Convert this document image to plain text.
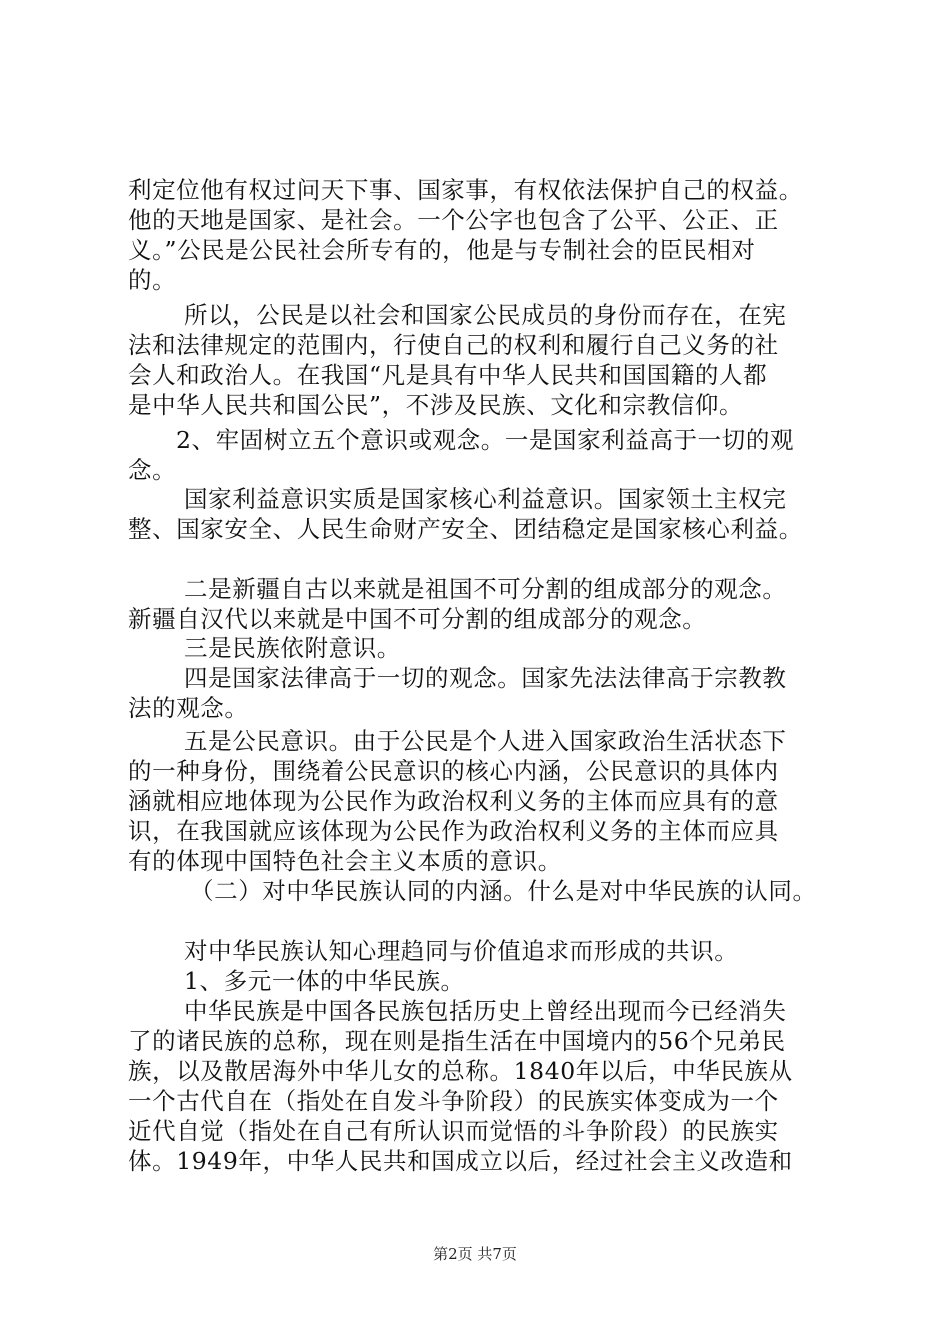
利定位他有权过问天下事、国家事，有权依法保护自己的权益。
他的天地是国家、是社会。一个公字也包含了公平、公正、正
义。”公民是公民社会所专有的，他是与专制社会的臣民相对
的。
所以，公民是以社会和国家公民成员的身份而存在，在宪
法和法律规定的范围内，行使自己的权利和履行自己义务的社
会人和政治人。在我国“凡是具有中华人民共和国国籍的人都
是中华人民共和国公民”，不涉及民族、文化和宗教信仰。
2、牢固树立五个意识或观念。一是国家利益高于一切的观
念。
国家利益意识实质是国家核心利益意识。国家领土主权完
整、国家安全、人民生命财产安全、团结稳定是国家核心利益。
二是新疆自古以来就是祖国不可分割的组成部分的观念。
新疆自汉代以来就是中国不可分割的组成部分的观念。
三是民族依附意识。
四是国家法律高于一切的观念。国家先法法律高于宗教教
法的观念。
五是公民意识。由于公民是个人进入国家政治生活状态下
的一种身份，围绕着公民意识的核心内涵，公民意识的具体内
涵就相应地体现为公民作为政治权利义务的主体而应具有的意
识，在我国就应该体现为公民作为政治权利义务的主体而应具
有的体现中国特色社会主义本质的意识。
（二）对中华民族认同的内涵。什么是对中华民族的认同。
对中华民族认知心理趋同与价值追求而形成的共识。
1、多元一体的中华民族。
中华民族是中国各民族包括历史上曾经出现而今已经消失
了的诸民族的总称，现在则是指生活在中国境内的56个兄弟民
族，以及散居海外中华儿女的总称。1840年以后，中华民族从
一个古代自在（指处在自发斗争阶段）的民族实体变成为一个
近代自觉（指处在自己有所认识而觉悟的斗争阶段）的民族实
体。1949年，中华人民共和国成立以后，经过社会主义改造和
第2页 共7页
